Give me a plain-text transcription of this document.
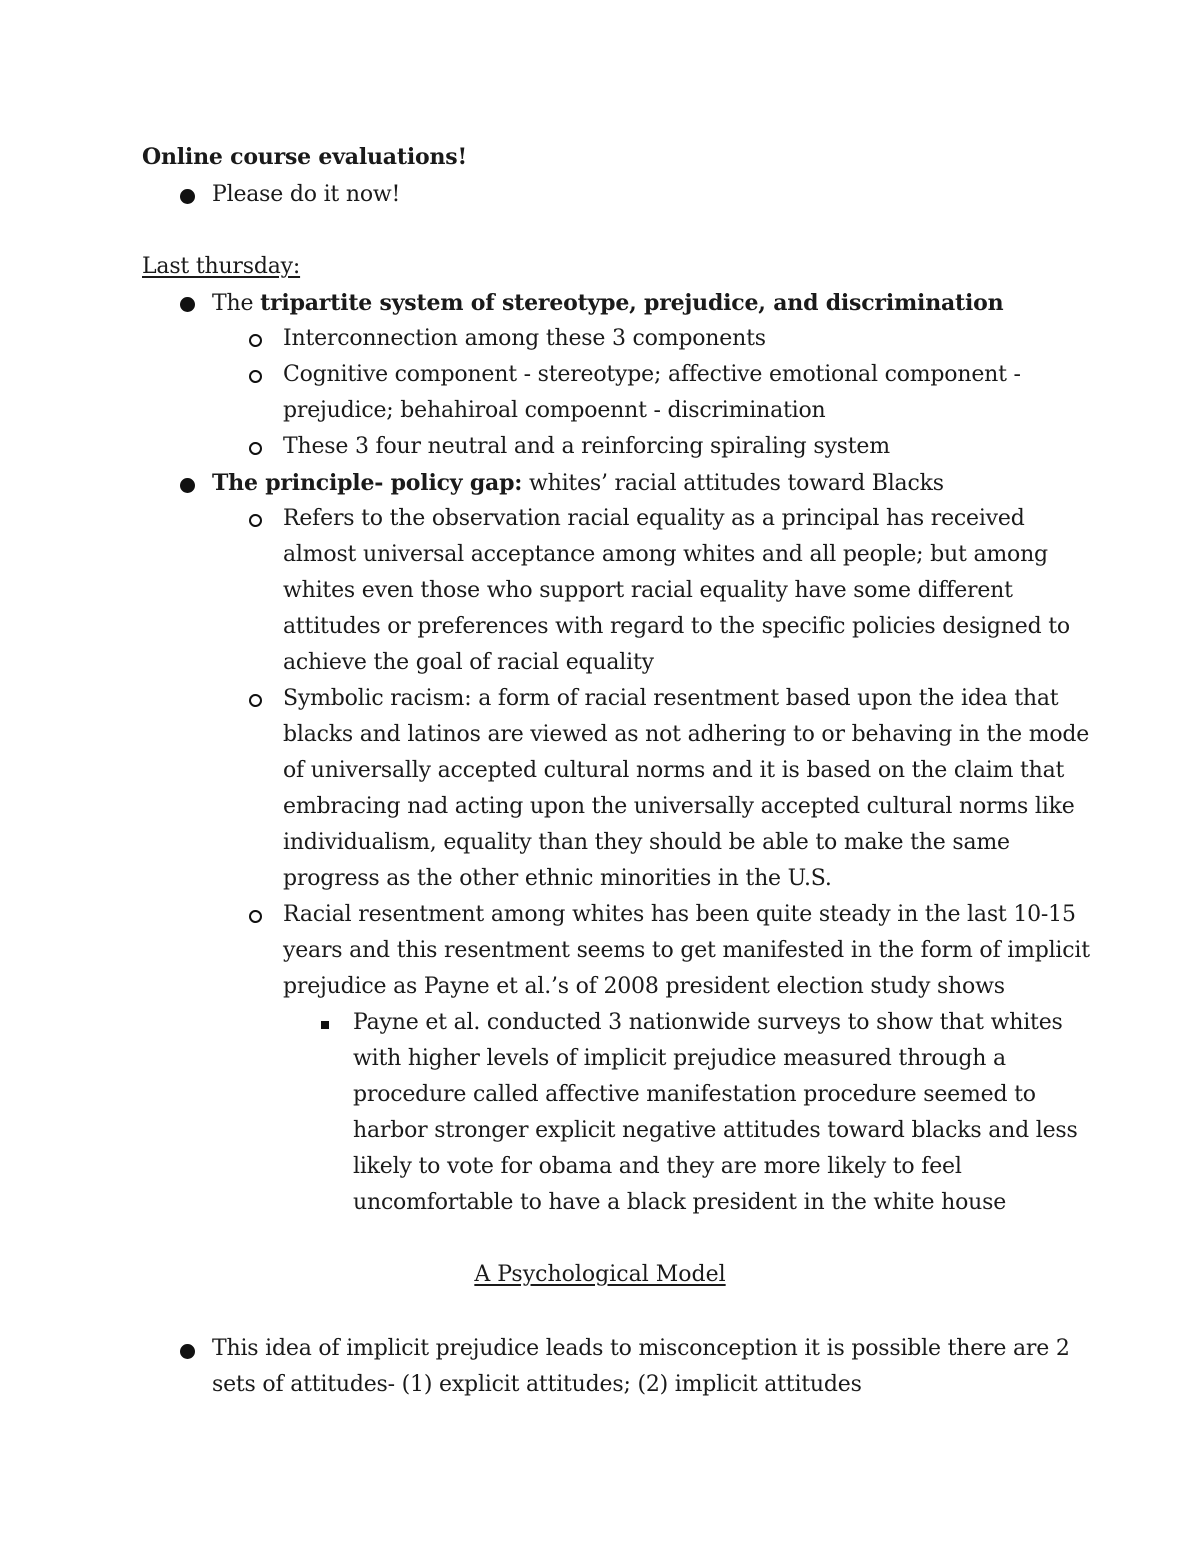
Online course evaluations!
Please do it now!
Last thursday:
The tripartite system of stereotype, prejudice, and discrimination
Interconnection among these 3 components
Cognitive component - stereotype; affective emotional component -
prejudice; behahiroal compoennt - discrimination
These 3 four neutral and a reinforcing spiraling system
The principle- policy gap: whites’ racial attitudes toward Blacks
Refers to the observation racial equality as a principal has received
almost universal acceptance among whites and all people; but among
whites even those who support racial equality have some different
attitudes or preferences with regard to the specific policies designed to
achieve the goal of racial equality
Symbolic racism: a form of racial resentment based upon the idea that
blacks and latinos are viewed as not adhering to or behaving in the mode
of universally accepted cultural norms and it is based on the claim that
embracing nad acting upon the universally accepted cultural norms like
individualism, equality than they should be able to make the same
progress as the other ethnic minorities in the U.S.
Racial resentment among whites has been quite steady in the last 10-15
years and this resentment seems to get manifested in the form of implicit
prejudice as Payne et al.’s of 2008 president election study shows
Payne et al. conducted 3 nationwide surveys to show that whites
with higher levels of implicit prejudice measured through a
procedure called affective manifestation procedure seemed to
harbor stronger explicit negative attitudes toward blacks and less
likely to vote for obama and they are more likely to feel
uncomfortable to have a black president in the white house
A Psychological Model
This idea of implicit prejudice leads to misconception it is possible there are 2
sets of attitudes- (1) explicit attitudes; (2) implicit attitudes
